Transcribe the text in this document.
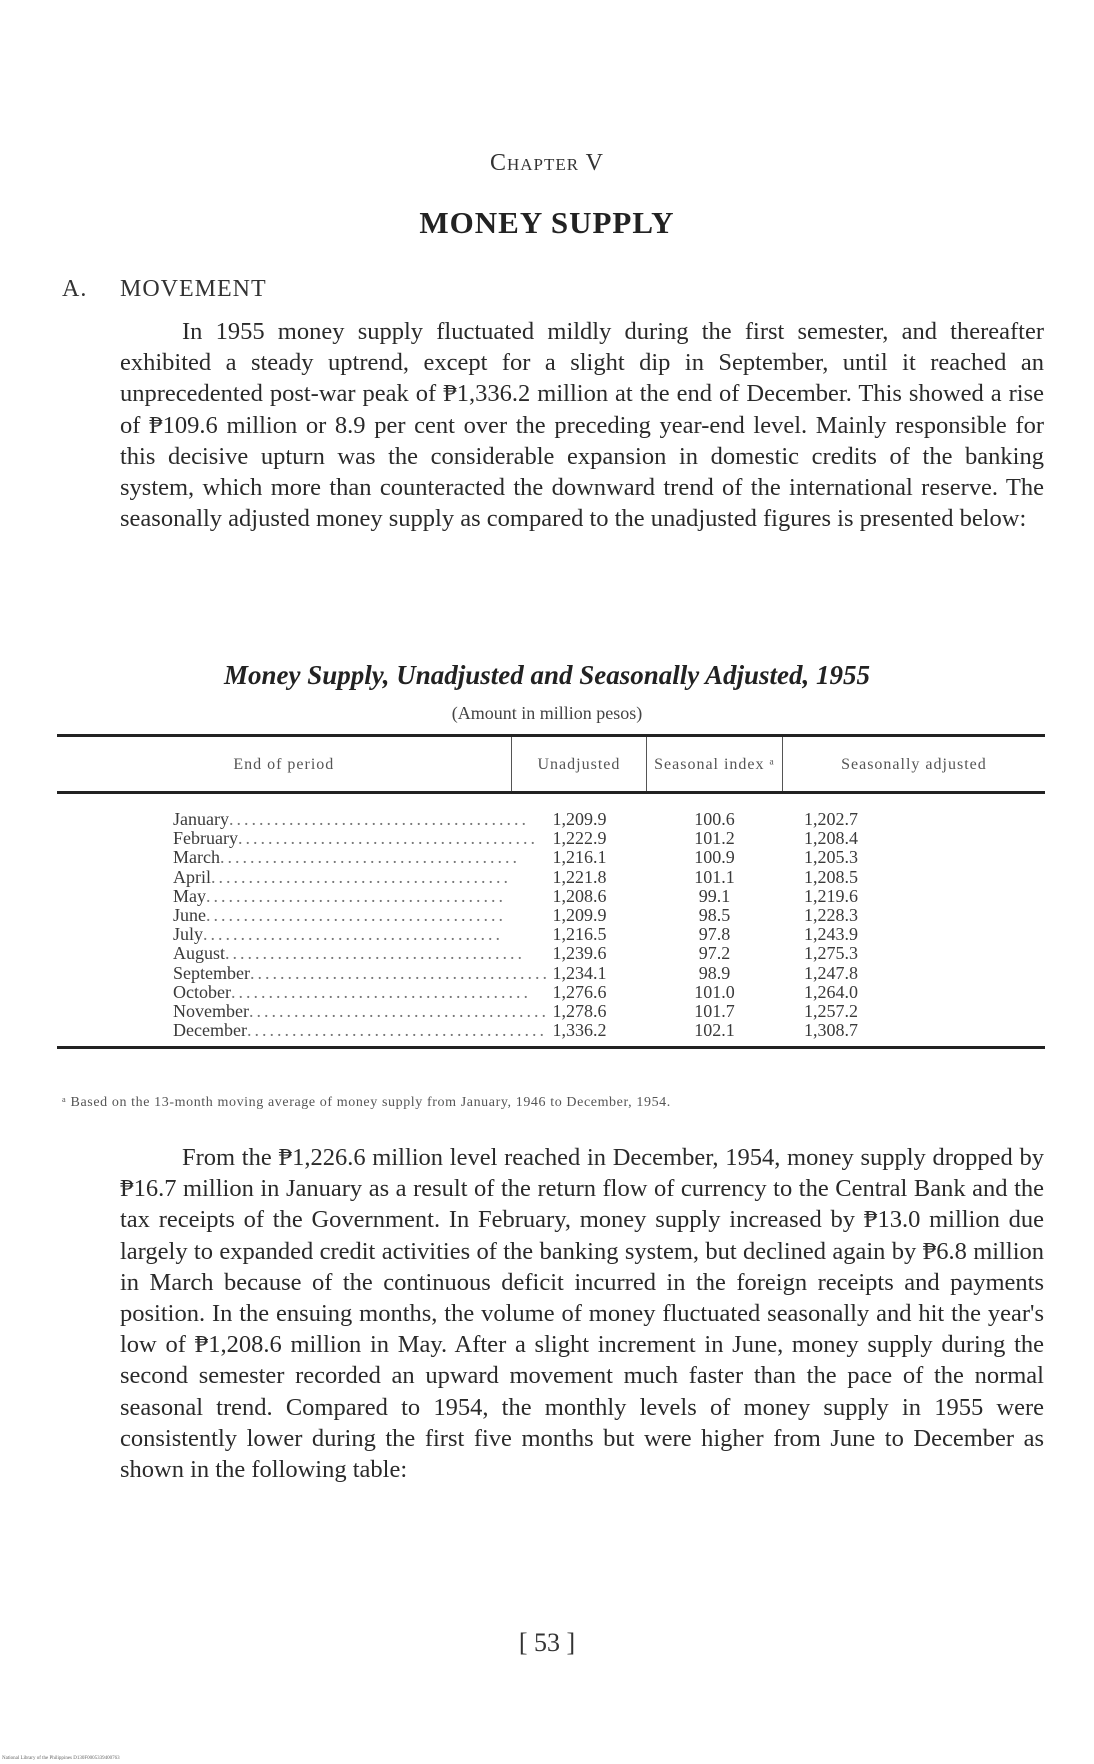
Chapter V
MONEY SUPPLY
A. MOVEMENT

In 1955 money supply fluctuated mildly during the first semester, and thereafter exhibited a steady uptrend, except for a slight dip in September, until it reached an unprecedented post-war peak of ₱1,336.2 million at the end of December. This showed a rise of ₱109.6 million or 8.9 per cent over the preceding year-end level. Mainly responsible for this decisive upturn was the considerable expansion in domestic credits of the banking system, which more than counteracted the downward trend of the international reserve. The seasonally adjusted money supply as compared to the unadjusted figures is presented below:

Money Supply, Unadjusted and Seasonally Adjusted, 1955
(Amount in million pesos)
End of period	Unadjusted	Seasonal index ᵃ	Seasonally adjusted
January........................................	1,209.9	100.6	1,202.7
February........................................ 1,222.9	101.2	1,208.4
March........................................	1,216.1	100.9	1,205.3
April........................................	1,221.8	101.1	1,208.5
May........................................	1,208.6	99.1	1,219.6
June........................................	1,209.9	98.5	1,228.3
July........................................	1,216.5	97.8	1,243.9
August........................................	1,239.6	97.2	1,275.3
September........................................ 1,234.1	98.9	1,247.8
October........................................	1,276.6	101.0	1,264.0
November........................................ 1,278.6	101.7	1,257.2
December........................................ 1,336.2	102.1	1,308.7
ᵃ Based on the 13-month moving average of money supply from January, 1946 to December, 1954.

From the ₱1,226.6 million level reached in December, 1954, money supply dropped by ₱16.7 million in January as a result of the return flow of currency to the Central Bank and the tax receipts of the Government. In February, money supply increased by ₱13.0 million due largely to expanded credit activities of the banking system, but declined again by ₱6.8 million in March because of the continuous deficit incurred in the foreign receipts and payments position. In the ensuing months, the volume of money fluctuated seasonally and hit the year's low of ₱1,208.6 million in May. After a slight increment in June, money supply during the second semester recorded an upward movement much faster than the pace of the normal seasonal trend. Compared to 1954, the monthly levels of money supply in 1955 were consistently lower during the first five months but were higher from June to December as shown in the following table:

[ 53 ]
National Library of the Philippines D130F0005339400763
